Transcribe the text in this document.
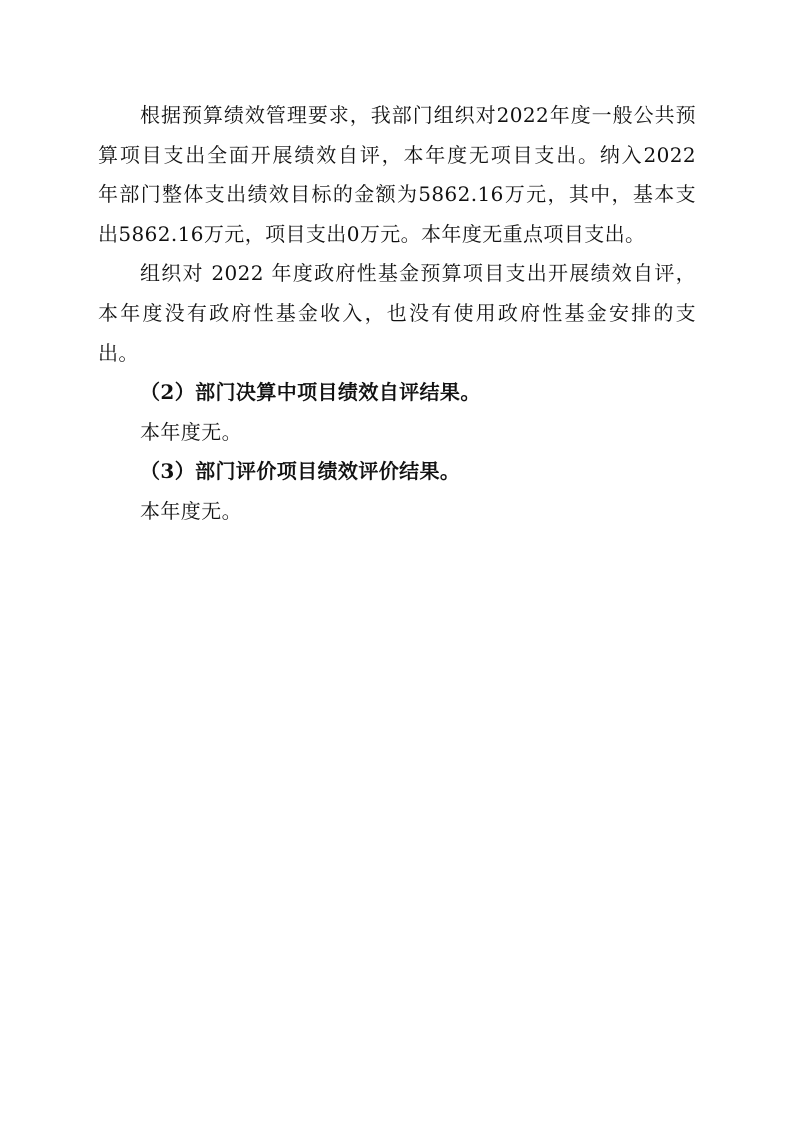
根据预算绩效管理要求，我部门组织对2022年度一般公共预
算项目支出全面开展绩效自评，本年度无项目支出。纳入2022
年部门整体支出绩效目标的金额为5862.16万元，其中，基本支
出5862.16万元，项目支出0万元。本年度无重点项目支出。
组织对 2022 年度政府性基金预算项目支出开展绩效自评，
本年度没有政府性基金收入，也没有使用政府性基金安排的支
出。

（2）部门决算中项目绩效自评结果。

本年度无。

（3）部门评价项目绩效评价结果。

本年度无。
